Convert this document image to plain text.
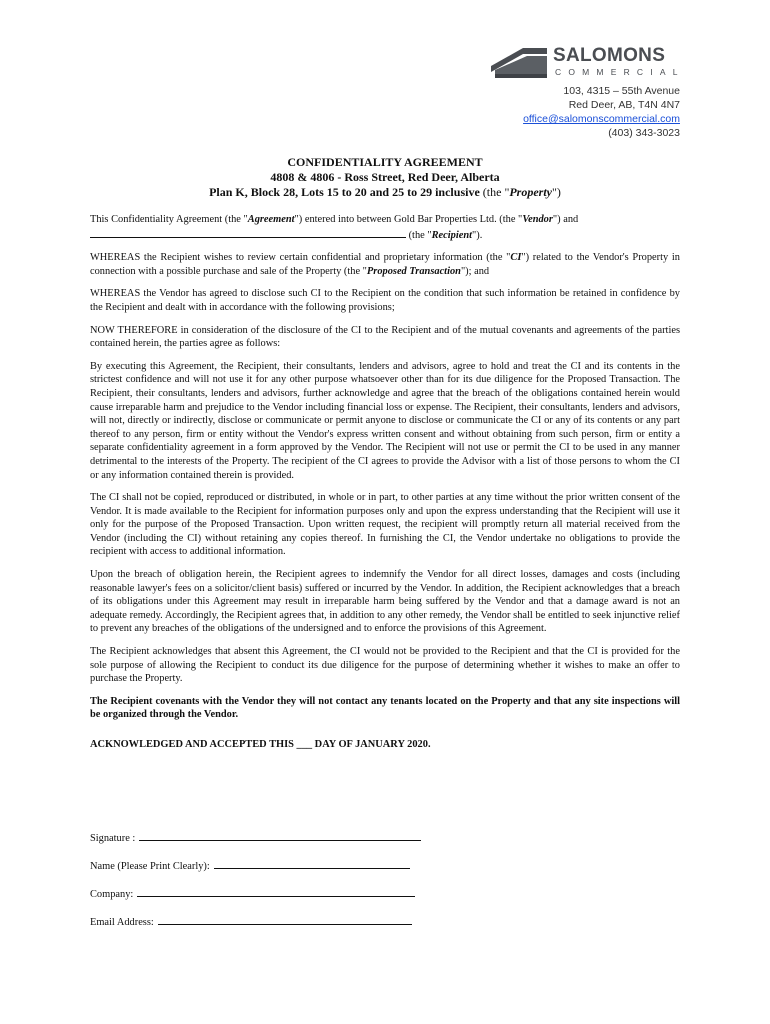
SALOMONS
COMMERCIAL
103, 4315 – 55th Avenue
Red Deer, AB, T4N 4N7
office@salomonscommercial.com
(403) 343-3023
CONFIDENTIALITY AGREEMENT
4808 & 4806 - Ross Street, Red Deer, Alberta
Plan K, Block 28, Lots 15 to 20 and 25 to 29 inclusive (the "Property")

This Confidentiality Agreement (the "Agreement") entered into between Gold Bar Properties Ltd. (the "Vendor") and
(the "Recipient").

WHEREAS the Recipient wishes to review certain confidential and proprietary information (the "CI") related to the Vendor's Property in connection with a possible purchase and sale of the Property (the "Proposed Transaction"); and

WHEREAS the Vendor has agreed to disclose such CI to the Recipient on the condition that such information be retained in confidence by the Recipient and dealt with in accordance with the following provisions;

NOW THEREFORE in consideration of the disclosure of the CI to the Recipient and of the mutual covenants and agreements of the parties contained herein, the parties agree as follows:

By executing this Agreement, the Recipient, their consultants, lenders and advisors, agree to hold and treat the CI and its contents in the strictest confidence and will not use it for any other purpose whatsoever other than for its due diligence for the Proposed Transaction. The Recipient, their consultants, lenders and advisors, further acknowledge and agree that the breach of the obligations contained herein would cause irreparable harm and prejudice to the Vendor including financial loss or expense. The Recipient, their consultants, lenders and advisors, will not, directly or indirectly, disclose or communicate or permit anyone to disclose or communicate the CI or any of its contents or any part thereof to any person, firm or entity without the Vendor's express written consent and without obtaining from such person, firm or entity a separate confidentiality agreement in a form approved by the Vendor. The Recipient will not use or permit the CI to be used in any manner detrimental to the interests of the Property. The recipient of the CI agrees to provide the Advisor with a list of those persons to whom the CI or any information contained therein is provided.

The CI shall not be copied, reproduced or distributed, in whole or in part, to other parties at any time without the prior written consent of the Vendor. It is made available to the Recipient for information purposes only and upon the express understanding that the Recipient will use it only for the purpose of the Proposed Transaction. Upon written request, the recipient will promptly return all material received from the Vendor (including the CI) without retaining any copies thereof. In furnishing the CI, the Vendor undertake no obligations to provide the recipient with access to additional information.

Upon the breach of obligation herein, the Recipient agrees to indemnify the Vendor for all direct losses, damages and costs (including reasonable lawyer's fees on a solicitor/client basis) suffered or incurred by the Vendor. In addition, the Recipient acknowledges that a breach of its obligations under this Agreement may result in irreparable harm being suffered by the Vendor and that a damage award is not an adequate remedy. Accordingly, the Recipient agrees that, in addition to any other remedy, the Vendor shall be entitled to seek injunctive relief to prevent any breaches of the obligations of the undersigned and to enforce the provisions of this Agreement.

The Recipient acknowledges that absent this Agreement, the CI would not be provided to the Recipient and that the CI is provided for the sole purpose of allowing the Recipient to conduct its due diligence for the purpose of determining whether it wishes to make an offer to purchase the Property.

The Recipient covenants with the Vendor they will not contact any tenants located on the Property and that any site inspections will be organized through the Vendor.

ACKNOWLEDGED AND ACCEPTED THIS ___ DAY OF JANUARY 2020.

Signature :
Name (Please Print Clearly):
Company:
Email Address:
